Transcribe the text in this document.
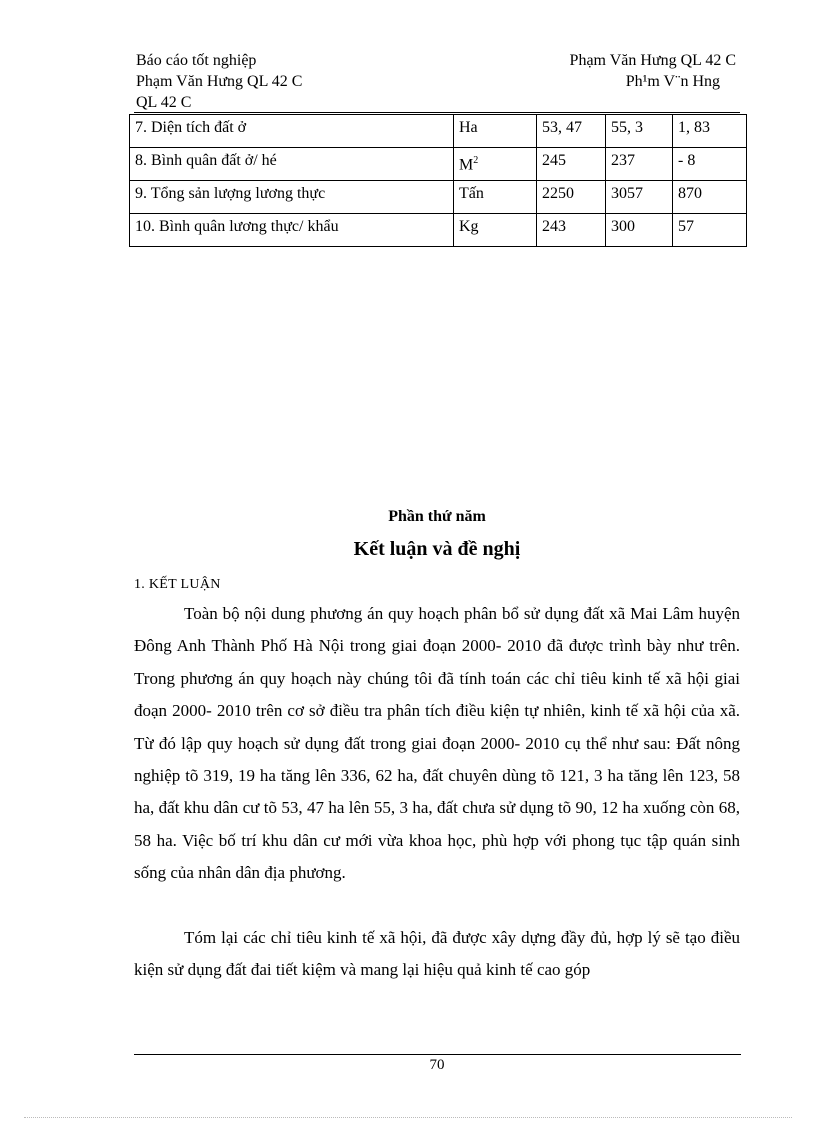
Báo cáo tốt nghiệp	Phạm Văn Hưng QL 42 C
Phạm Văn Hưng QL 42 C	Ph¹m V¨n Hng
QL 42 C
7. Diện tích đất ở	Ha	53, 47	55, 3	1, 83
8. Bình quân đất ở/ hé	$M^2$	245	237	- 8
9. Tổng sản lượng lương thực	Tấn	2250	3057	870
10. Bình quân lương thực/ khẩu	Kg	243	300	57
Phần thứ năm
Kết luận và đề nghị
1. KẾT LUẬN
Toàn bộ nội dung phương án quy hoạch phân bổ sử dụng đất xã Mai Lâm huyện Đông Anh Thành Phố Hà Nội trong giai đoạn 2000- 2010 đã được trình bày như trên. Trong phương án quy hoạch này chúng tôi đã tính toán các chỉ tiêu kinh tế xã hội giai đoạn 2000- 2010 trên cơ sở điều tra phân tích điều kiện tự nhiên, kinh tế xã hội của xã. Từ đó lập quy hoạch sử dụng đất trong giai đoạn 2000- 2010 cụ thể như sau: Đất nông nghiệp tõ 319, 19 ha tăng lên 336, 62 ha, đất chuyên dùng tõ 121, 3 ha tăng lên 123, 58 ha, đất khu dân cư tõ 53, 47 ha lên 55, 3 ha, đất chưa sử dụng tõ 90, 12 ha xuống còn 68, 58 ha. Việc bố trí khu dân cư mới vừa khoa học, phù hợp với phong tục tập quán sinh sống của nhân dân địa phương.
Tóm lại các chỉ tiêu kinh tế xã hội, đã được xây dựng đầy đủ, hợp lý sẽ tạo điều kiện sử dụng đất đai tiết kiệm và mang lại hiệu quả kinh tế cao góp
70
